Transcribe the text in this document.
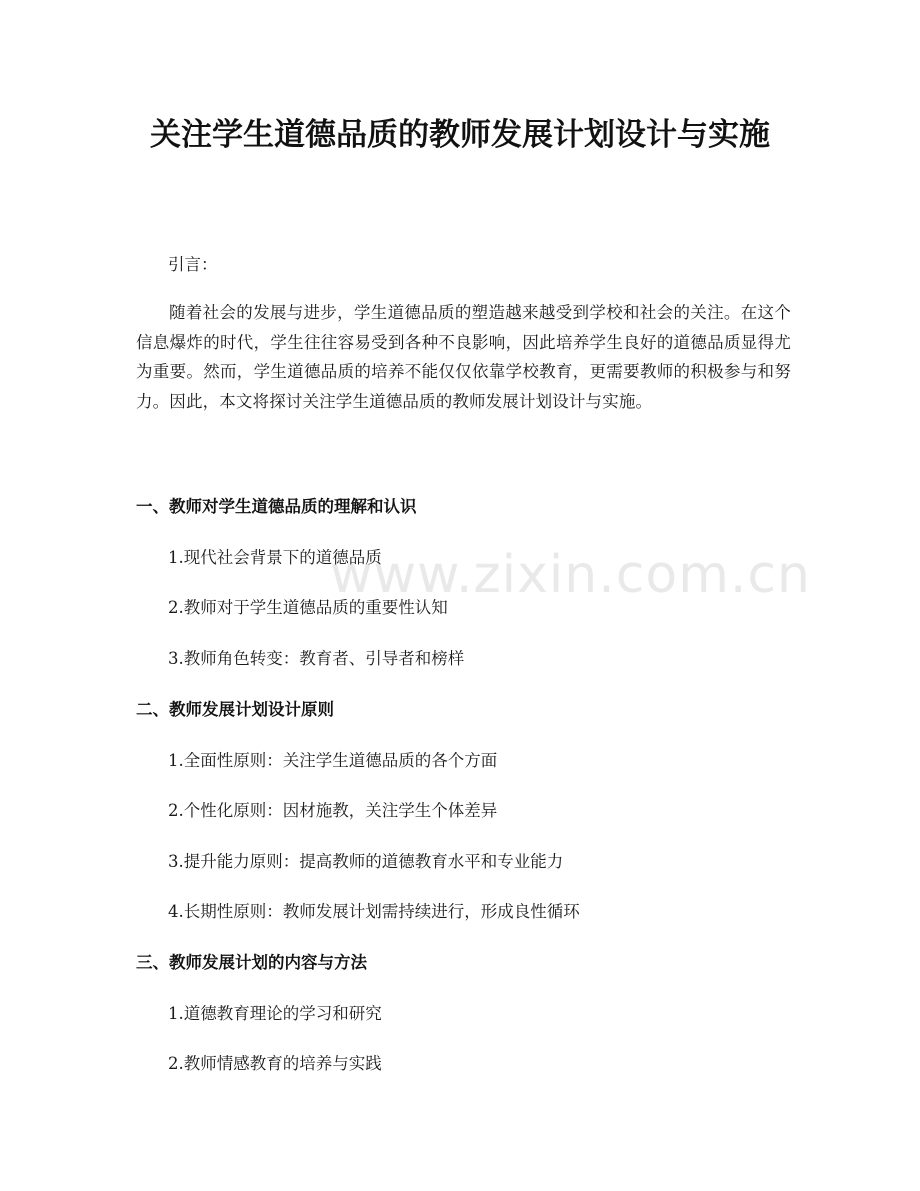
关注学生道德品质的教师发展计划设计与实施

引言：

随着社会的发展与进步，学生道德品质的塑造越来越受到学校和社会的关注。在这个信息爆炸的时代，学生往往容易受到各种不良影响，因此培养学生良好的道德品质显得尤为重要。然而，学生道德品质的培养不能仅仅依靠学校教育，更需要教师的积极参与和努力。因此，本文将探讨关注学生道德品质的教师发展计划设计与实施。

一、教师对学生道德品质的理解和认识

1.现代社会背景下的道德品质

2.教师对于学生道德品质的重要性认知

3.教师角色转变：教育者、引导者和榜样

二、教师发展计划设计原则

1.全面性原则：关注学生道德品质的各个方面

2.个性化原则：因材施教，关注学生个体差异

3.提升能力原则：提高教师的道德教育水平和专业能力

4.长期性原则：教师发展计划需持续进行，形成良性循环

三、教师发展计划的内容与方法

1.道德教育理论的学习和研究

2.教师情感教育的培养与实践

www.zixin.com.cn
